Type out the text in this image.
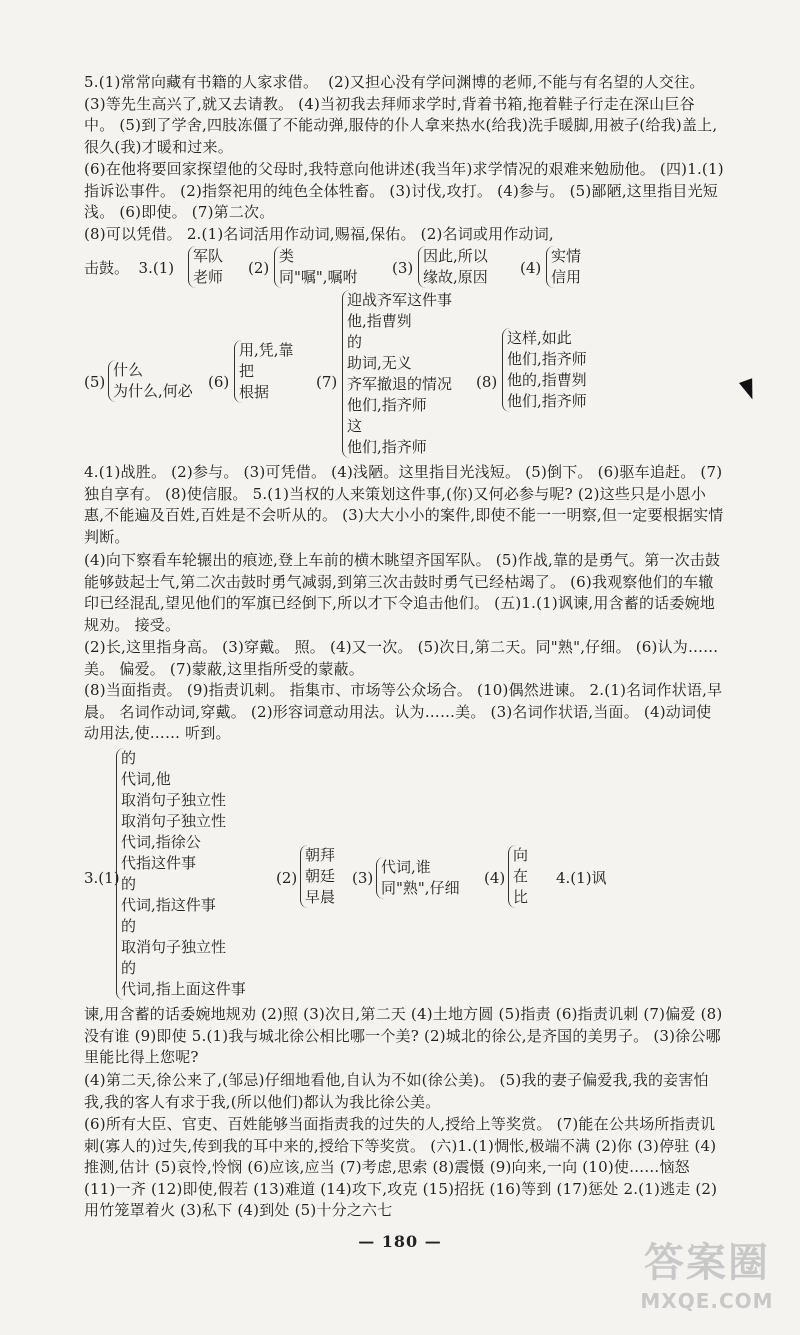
5.(1)常常向藏有书籍的人家求借。  (2)又担心没有学问渊博的老师,不能与有名望的人交往。 (3)等先生高兴了,就又去请教。 (4)当初我去拜师求学时,背着书箱,拖着鞋子行走在深山巨谷中。 (5)到了学舍,四肢冻僵了不能动弹,服侍的仆人拿来热水(给我)洗手暖脚,用被子(给我)盖上,很久(我)才暖和过来。

(6)在他将要回家探望他的父母时,我特意向他讲述(我当年)求学情况的艰难来勉励他。 (四)1.(1)指诉讼事件。 (2)指祭祀用的纯色全体牲畜。 (3)讨伐,攻打。 (4)参与。 (5)鄙陋,这里指目光短浅。 (6)即使。 (7)第二次。

(8)可以凭借。 2.(1)名词活用作动词,赐福,保佑。 (2)名词或用作动词,

击鼓。  3.(1)
军队
老师 (2)
类
同"嘱",嘱咐 (3)
因此,所以
缘故,原因 (4)
实情
信用
(5)
什么
为什么,何必 (6)
用,凭,靠
把
根据
(7)
迎战齐军这件事
他,指曹刿
的
助词,无义
齐军撤退的情况
他们,指齐师
这
他们,指齐师
(8)
这样,如此
他们,指齐师
他的,指曹刿
他们,指齐师

4.(1)战胜。 (2)参与。 (3)可凭借。 (4)浅陋。这里指目光浅短。 (5)倒下。 (6)驱车追赶。 (7)独自享有。 (8)使信服。 5.(1)当权的人来策划这件事,(你)又何必参与呢? (2)这些只是小恩小惠,不能遍及百姓,百姓是不会听从的。 (3)大大小小的案件,即使不能一一明察,但一定要根据实情判断。

(4)向下察看车轮辗出的痕迹,登上车前的横木眺望齐国军队。 (5)作战,靠的是勇气。第一次击鼓能够鼓起士气,第二次击鼓时勇气减弱,到第三次击鼓时勇气已经枯竭了。 (6)我观察他们的车辙印已经混乱,望见他们的军旗已经倒下,所以才下令追击他们。 (五)1.(1)讽谏,用含蓄的话委婉地规劝。 接受。

(2)长,这里指身高。 (3)穿戴。 照。 (4)又一次。 (5)次日,第二天。同"熟",仔细。 (6)认为……美。 偏爱。 (7)蒙蔽,这里指所受的蒙蔽。

(8)当面指责。 (9)指责讥刺。 指集市、市场等公众场合。 (10)偶然进谏。 2.(1)名词作状语,早晨。 名词作动词,穿戴。 (2)形容词意动用法。认为……美。 (3)名词作状语,当面。 (4)动词使动用法,使…… 听到。

3.(1)
的
代词,他
取消句子独立性
取消句子独立性
代词,指徐公
代指这件事
的
代词,指这件事
的
取消句子独立性
的
代词,指上面这件事
(2)
朝拜
朝廷
早晨
(3)
代词,谁
同"熟",仔细
(4)
向
在
比
4.(1)讽

谏,用含蓄的话委婉地规劝 (2)照 (3)次日,第二天 (4)土地方圆 (5)指责 (6)指责讥刺 (7)偏爱 (8)没有谁 (9)即使 5.(1)我与城北徐公相比哪一个美? (2)城北的徐公,是齐国的美男子。 (3)徐公哪里能比得上您呢?

(4)第二天,徐公来了,(邹忌)仔细地看他,自认为不如(徐公美)。 (5)我的妻子偏爱我,我的妾害怕我,我的客人有求于我,(所以他们)都认为我比徐公美。

(6)所有大臣、官吏、百姓能够当面指责我的过失的人,授给上等奖赏。 (7)能在公共场所指责讥刺(寡人的)过失,传到我的耳中来的,授给下等奖赏。 (六)1.(1)惆怅,极端不满 (2)你 (3)停驻 (4)推测,估计 (5)哀怜,怜悯 (6)应该,应当 (7)考虑,思索 (8)震慑 (9)向来,一向 (10)使……恼怒 (11)一齐 (12)即使,假若 (13)难道 (14)攻下,攻克 (15)招抚 (16)等到 (17)惩处 2.(1)逃走 (2)用竹笼罩着火 (3)私下 (4)到处 (5)十分之六七

— 180 —	答案圈
MXQE.COM
